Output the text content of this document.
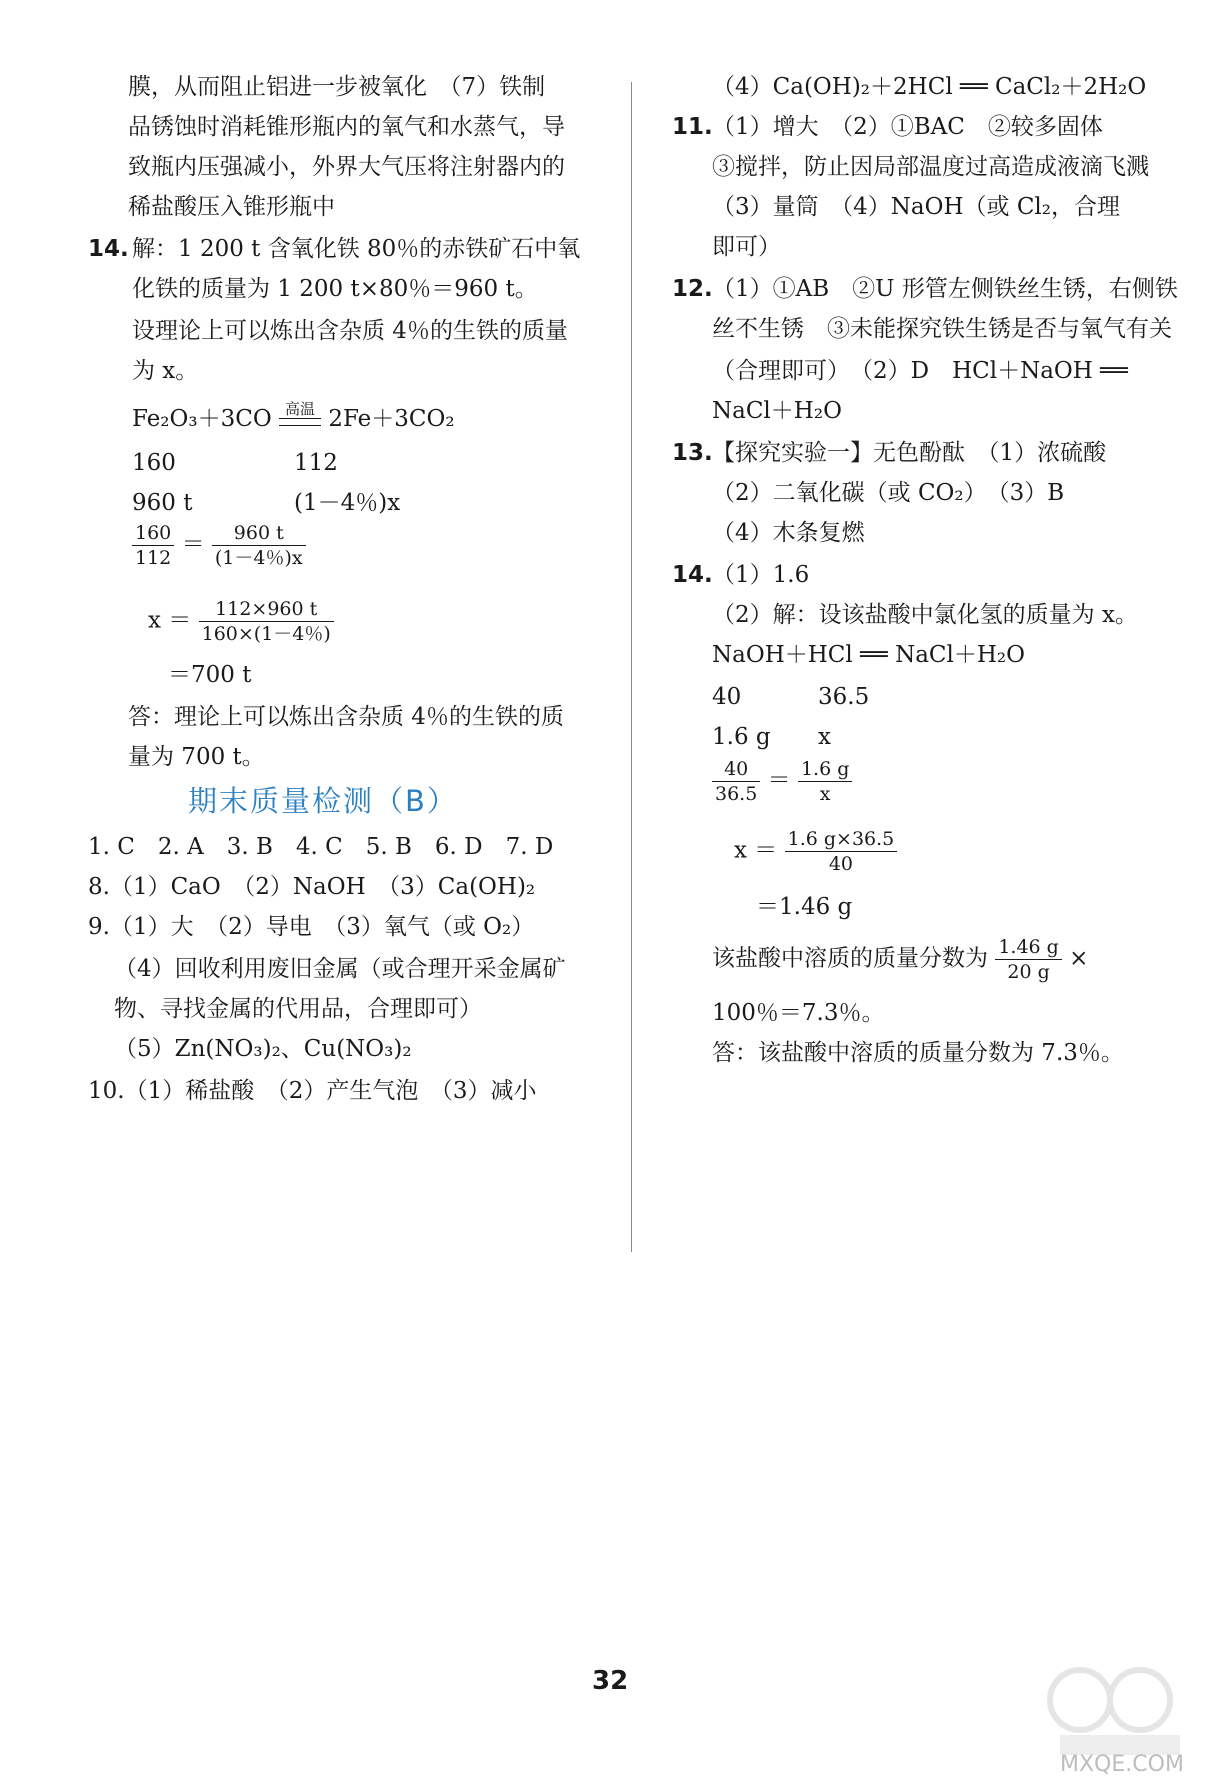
膜，从而阻止铝进一步被氧化　（7）铁制
品锈蚀时消耗锥形瓶内的氧气和水蒸气，导
致瓶内压强减小，外界大气压将注射器内的
稀盐酸压入锥形瓶中
14. 解：1 200 t 含氧化铁 80％的赤铁矿石中氧
化铁的质量为 1 200 t×80％＝960 t。
设理论上可以炼出含杂质 4％的生铁的质量
为 x。
Fe₂O₃＋3CO 高温 2Fe＋3CO₂
160	112
960 t	(1－4％)x
$\frac{160}{112} = \frac{960 t}{(1-4\%)x}$
$x = \frac{112\times 960 t}{160\times(1-4\%)}$
＝700 t
答：理论上可以炼出含杂质 4％的生铁的质
量为 700 t。
期末质量检测（B）
1. C　2. A　3. B　4. C　5. B　6. D　7. D
8.（1）CaO　（2）NaOH　（3）Ca(OH)₂
9.（1）大　（2）导电　（3）氧气（或 O₂）
（4）回收利用废旧金属（或合理开采金属矿
物、寻找金属的代用品，合理即可）
（5）Zn(NO₃)₂、Cu(NO₃)₂
10.（1）稀盐酸　（2）产生气泡　（3）减小
（4）Ca(OH)₂＋2HCl ══ CaCl₂＋2H₂O
11. （1）增大　（2）①BAC　②较多固体
③搅拌，防止因局部温度过高造成液滴飞溅
（3）量筒　（4）NaOH（或 Cl₂，合理
即可）
12. （1）①AB　②U 形管左侧铁丝生锈，右侧铁
丝不生锈　③未能探究铁生锈是否与氧气有关
（合理即可）　（2）D　HCl＋NaOH ══
NaCl＋H₂O
13. 【探究实验一】无色酚酞　（1）浓硫酸
（2）二氧化碳（或 CO₂）　（3）B
（4）木条复燃
14. （1）1.6
（2）解：设该盐酸中氯化氢的质量为 x。
NaOH＋HCl ══ NaCl＋H₂O
40	36.5
1.6 g x
$\frac{40}{36.5} = \frac{1.6 g}{x}$
$x = \frac{1.6 g\times 36.5}{40}$
＝1.46 g
该盐酸中溶质的质量分数为 $\frac{1.46 g}{20 g}$ ×
100％＝7.3％。
答：该盐酸中溶质的质量分数为 7.3％。
32
MXQE.COM
